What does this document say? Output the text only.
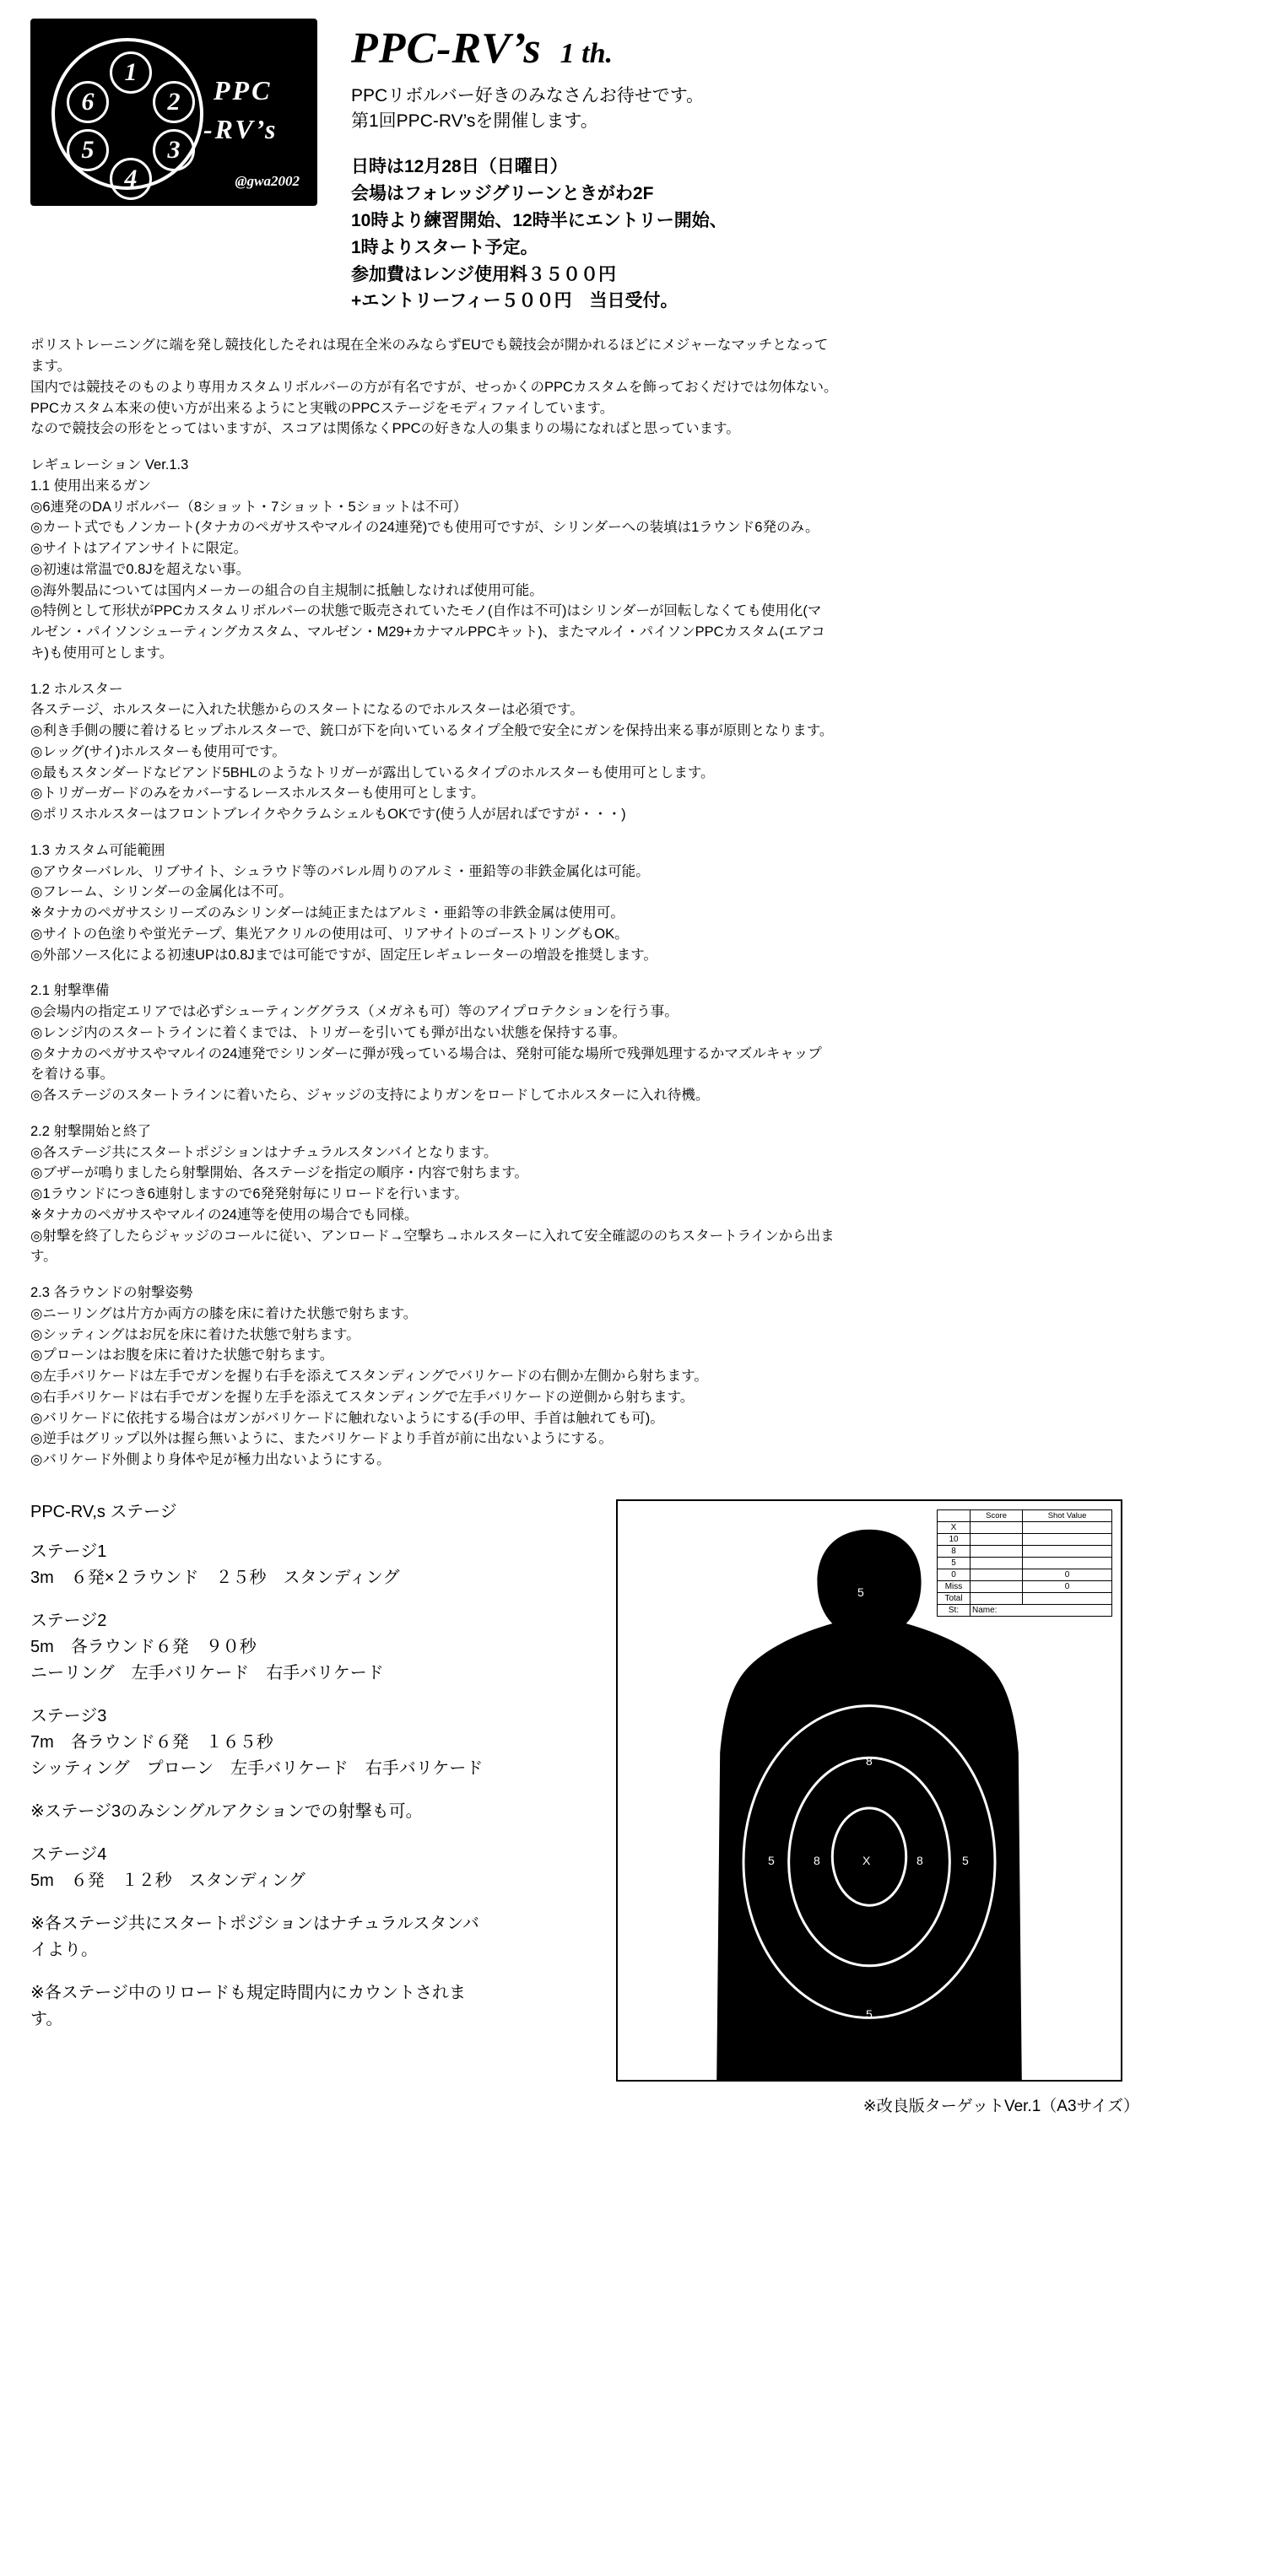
1
2
3
4
5
6	PPC
-RV’s
@gwa2002
PPC-RV’s 1 th.
PPCリボルバー好きのみなさんお待せです。
第1回PPC-RV’sを開催します。
日時は12月28日（日曜日）
会場はフォレッジグリーンときがわ2F
10時より練習開始、12時半にエントリー開始、
1時よりスタート予定。
参加費はレンジ使用料３５００円
+エントリーフィー５００円　当日受付。
ポリストレーニングに端を発し競技化したそれは現在全米のみならずEUでも競技会が開かれるほどにメジャーなマッチとなって
ます。
国内では競技そのものより専用カスタムリボルバーの方が有名ですが、せっかくのPPCカスタムを飾っておくだけでは勿体ない。
PPCカスタム本来の使い方が出来るようにと実戦のPPCステージをモディファイしています。
なので競技会の形をとってはいますが、スコアは関係なくPPCの好きな人の集まりの場になればと思っています。
レギュレーション Ver.1.3
1.1 使用出来るガン
◎6連発のDAリボルバー（8ショット・7ショット・5ショットは不可）
◎カート式でもノンカート(タナカのペガサスやマルイの24連発)でも使用可ですが、シリンダーへの装填は1ラウンド6発のみ。
◎サイトはアイアンサイトに限定。
◎初速は常温で0.8Jを超えない事。
◎海外製品については国内メーカーの組合の自主規制に抵触しなければ使用可能。
◎特例として形状がPPCカスタムリボルバーの状態で販売されていたモノ(自作は不可)はシリンダーが回転しなくても使用化(マ
ルゼン・パイソンシューティングカスタム、マルゼン・M29+カナマルPPCキット)、またマルイ・パイソンPPCカスタム(エアコ
キ)も使用可とします。
1.2 ホルスター
各ステージ、ホルスターに入れた状態からのスタートになるのでホルスターは必須です。
◎利き手側の腰に着けるヒップホルスターで、銃口が下を向いているタイプ全般で安全にガンを保持出来る事が原則となります。
◎レッグ(サイ)ホルスターも使用可です。
◎最もスタンダードなビアンド5BHLのようなトリガーが露出しているタイプのホルスターも使用可とします。
◎トリガーガードのみをカバーするレースホルスターも使用可とします。
◎ポリスホルスターはフロントブレイクやクラムシェルもOKです(使う人が居ればですが・・・)
1.3 カスタム可能範囲
◎アウターバレル、リブサイト、シュラウド等のバレル周りのアルミ・亜鉛等の非鉄金属化は可能。
◎フレーム、シリンダーの金属化は不可。
※タナカのペガサスシリーズのみシリンダーは純正またはアルミ・亜鉛等の非鉄金属は使用可。
◎サイトの色塗りや蛍光テープ、集光アクリルの使用は可、リアサイトのゴーストリングもOK。
◎外部ソース化による初速UPは0.8Jまでは可能ですが、固定圧レギュレーターの増設を推奨します。
2.1 射撃準備
◎会場内の指定エリアでは必ずシューティンググラス（メガネも可）等のアイプロテクションを行う事。
◎レンジ内のスタートラインに着くまでは、トリガーを引いても弾が出ない状態を保持する事。
◎タナカのペガサスやマルイの24連発でシリンダーに弾が残っている場合は、発射可能な場所で残弾処理するかマズルキャップ
を着ける事。
◎各ステージのスタートラインに着いたら、ジャッジの支持によりガンをロードしてホルスターに入れ待機。
2.2 射撃開始と終了
◎各ステージ共にスタートポジションはナチュラルスタンバイとなります。
◎ブザーが鳴りましたら射撃開始、各ステージを指定の順序・内容で射ちます。
◎1ラウンドにつき6連射しますので6発発射毎にリロードを行います。
※タナカのペガサスやマルイの24連等を使用の場合でも同様。
◎射撃を終了したらジャッジのコールに従い、アンロード→空撃ち→ホルスターに入れて安全確認ののちスタートラインから出ま
す。
2.3 各ラウンドの射撃姿勢
◎ニーリングは片方か両方の膝を床に着けた状態で射ちます。
◎シッティングはお尻を床に着けた状態で射ちます。
◎プローンはお腹を床に着けた状態で射ちます。
◎左手バリケードは左手でガンを握り右手を添えてスタンディングでバリケードの右側か左側から射ちます。
◎右手バリケードは右手でガンを握り左手を添えてスタンディングで左手バリケードの逆側から射ちます。
◎バリケードに依扥する場合はガンがバリケードに触れないようにする(手の甲、手首は触れても可)。
◎逆手はグリップ以外は握ら無いように、またバリケードより手首が前に出ないようにする。
◎バリケード外側より身体や足が極力出ないようにする。
PPC-RV,s ステージ
ステージ1
3m　６発×２ラウンド　２５秒　スタンディング
ステージ2
5m　各ラウンド６発　９０秒
ニーリング　左手バリケード　右手バリケード
ステージ3
7m　各ラウンド６発　１６５秒
シッティング　プローン　左手バリケード　右手バリケード
※ステージ3のみシングルアクションでの射撃も可。
ステージ4
5m　６発　１２秒　スタンディング
※各ステージ共にスタートポジションはナチュラルスタンバ
イより。
※各ステージ中のリロードも規定時間内にカウントされま
す。
X
8	8
5	5
8
5
5
	Score	Shot Value
X		
10		
8		
5		
0		0
Miss		0
Total		
St:	Name:	
※改良版ターゲットVer.1（A3サイズ）
